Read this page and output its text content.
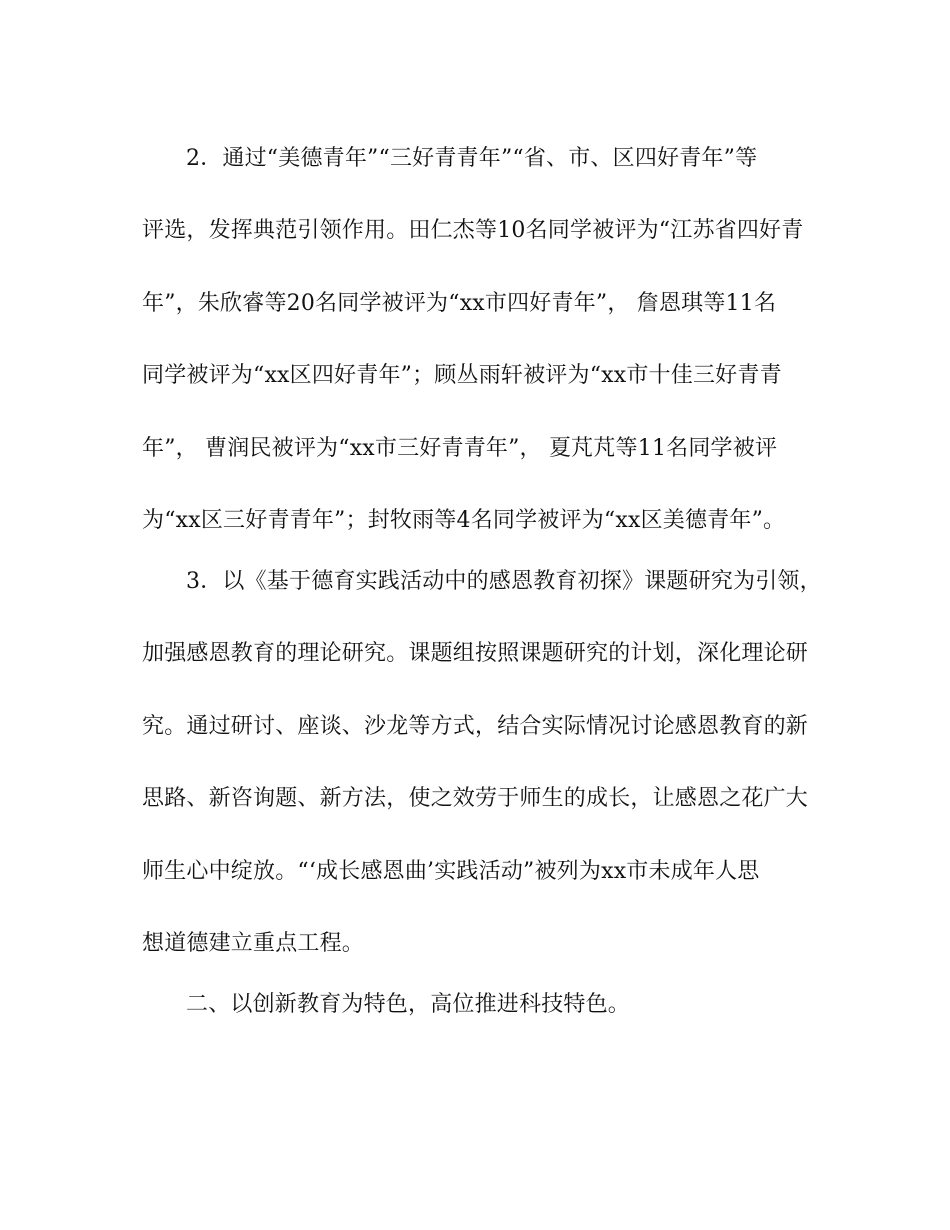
2．通过“美德青年”“三好青青年”“省、市、区四好青年”等
评选，发挥典范引领作用。田仁杰等10名同学被评为“江苏省四好青
年”，朱欣睿等20名同学被评为“xx市四好青年”， 詹恩琪等11名
同学被评为“xx区四好青年”；顾丛雨轩被评为“xx市十佳三好青青
年”， 曹润民被评为“xx市三好青青年”， 夏芃芃等11名同学被评
为“xx区三好青青年”；封牧雨等4名同学被评为“xx区美德青年”。
3．以《基于德育实践活动中的感恩教育初探》课题研究为引领，
加强感恩教育的理论研究。课题组按照课题研究的计划，深化理论研
究。通过研讨、座谈、沙龙等方式，结合实际情况讨论感恩教育的新
思路、新咨询题、新方法，使之效劳于师生的成长，让感恩之花广大
师生心中绽放。“‘成长感恩曲’实践活动”被列为xx市未成年人思
想道德建立重点工程。
二、以创新教育为特色，高位推进科技特色。
